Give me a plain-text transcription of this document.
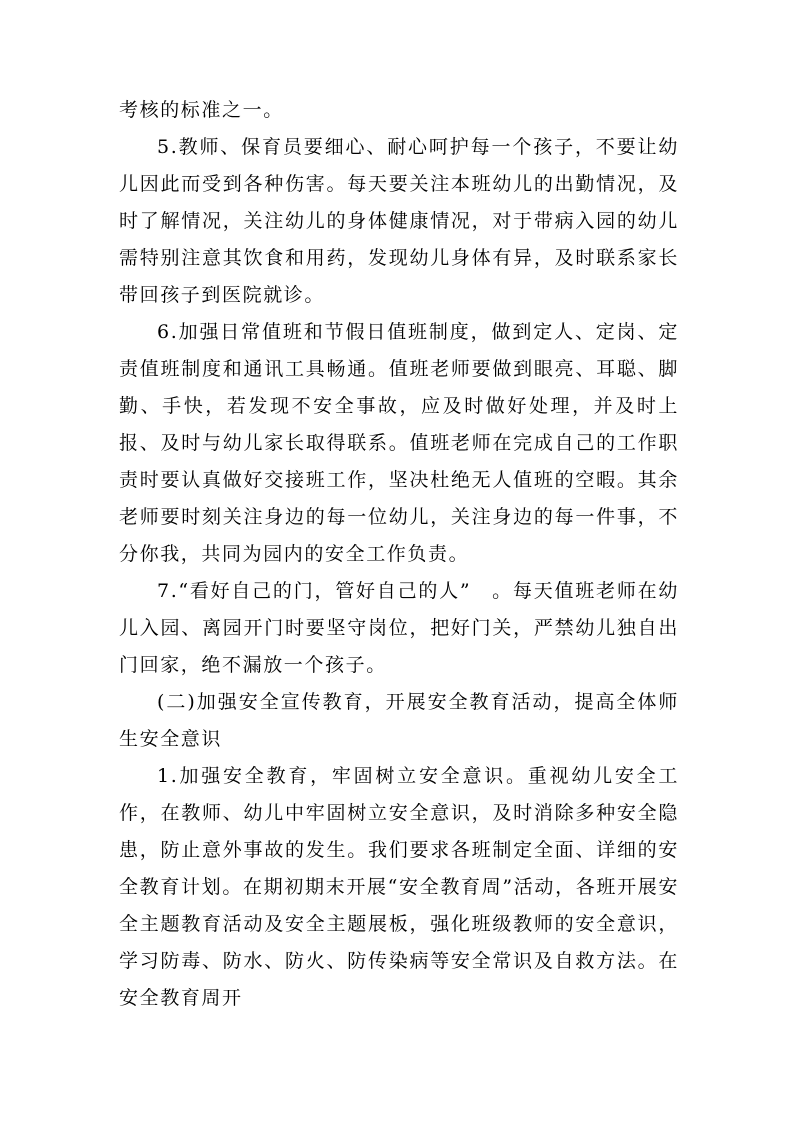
考核的标准之一。

5.教师、保育员要细心、耐心呵护每一个孩子，不要让幼儿因此而受到各种伤害。每天要关注本班幼儿的出勤情况，及时了解情况，关注幼儿的身体健康情况，对于带病入园的幼儿需特别注意其饮食和用药，发现幼儿身体有异，及时联系家长带回孩子到医院就诊。

6.加强日常值班和节假日值班制度，做到定人、定岗、定责值班制度和通讯工具畅通。值班老师要做到眼亮、耳聪、脚勤、手快，若发现不安全事故，应及时做好处理，并及时上报、及时与幼儿家长取得联系。值班老师在完成自己的工作职责时要认真做好交接班工作，坚决杜绝无人值班的空暇。其余老师要时刻关注身边的每一位幼儿，关注身边的每一件事，不分你我，共同为园内的安全工作负责。

7.“看好自己的门，管好自己的人”　。每天值班老师在幼儿入园、离园开门时要坚守岗位，把好门关，严禁幼儿独自出门回家，绝不漏放一个孩子。

(二)加强安全宣传教育，开展安全教育活动，提高全体师生安全意识

1.加强安全教育，牢固树立安全意识。重视幼儿安全工作，在教师、幼儿中牢固树立安全意识，及时消除多种安全隐患，防止意外事故的发生。我们要求各班制定全面、详细的安全教育计划。在期初期末开展“安全教育周”活动，各班开展安全主题教育活动及安全主题展板，强化班级教师的安全意识，学习防毒、防水、防火、防传染病等安全常识及自救方法。在安全教育周开
